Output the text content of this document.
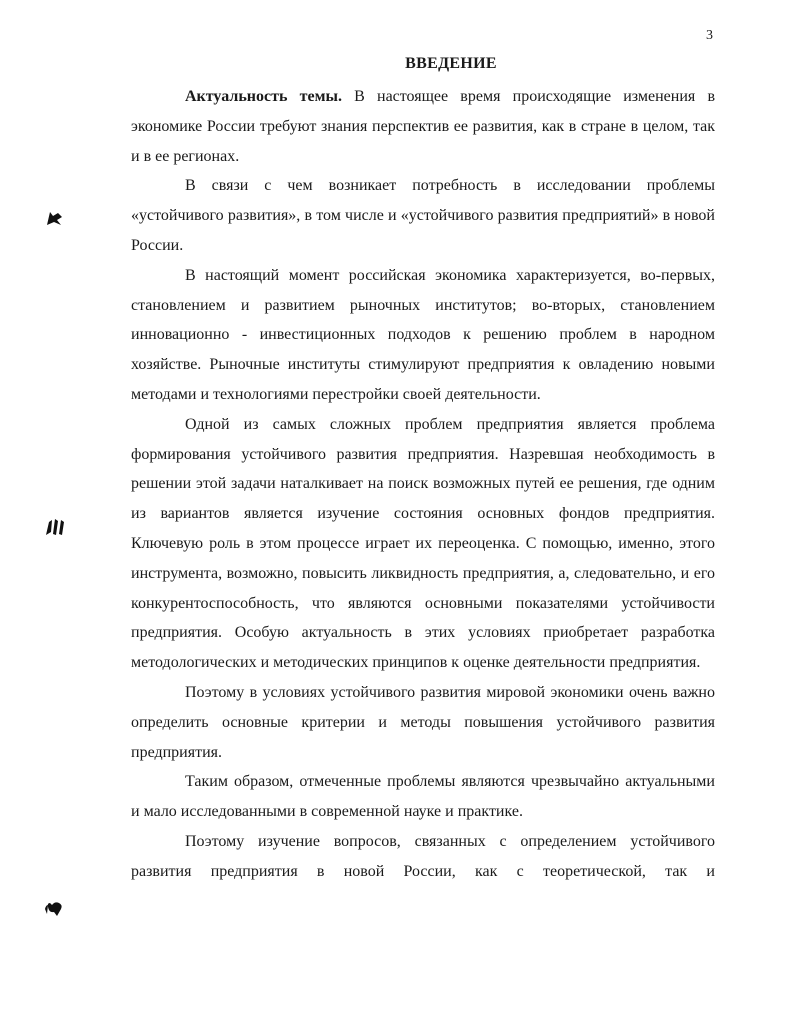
3
ВВЕДЕНИЕ

Актуальность темы. В настоящее время происходящие изменения в экономике России требуют знания перспектив ее развития, как в стране в целом, так и в ее регионах.

В связи с чем возникает потребность в исследовании проблемы «устойчивого развития», в том числе и «устойчивого развития предприятий» в новой России.

В настоящий момент российская экономика характеризуется, во-первых, становлением и развитием рыночных институтов; во-вторых, становлением инновационно - инвестиционных подходов к решению проблем в народном хозяйстве. Рыночные институты стимулируют предприятия к овладению новыми методами и технологиями перестройки своей деятельности.

Одной из самых сложных проблем предприятия является проблема формирования устойчивого развития предприятия. Назревшая необходимость в решении этой задачи наталкивает на поиск возможных путей ее решения, где одним из вариантов является изучение состояния основных фондов предприятия. Ключевую роль в этом процессе играет их переоценка. С помощью, именно, этого инструмента, возможно, повысить ликвидность предприятия, а, следовательно, и его конкурентоспособность, что являются основными показателями устойчивости предприятия. Особую актуальность в этих условиях приобретает разработка методологических и методических принципов к оценке деятельности предприятия.

Поэтому в условиях устойчивого развития мировой экономики очень важно определить основные критерии и методы повышения устойчивого развития предприятия.

Таким образом, отмеченные проблемы являются чрезвычайно актуальными и мало исследованными в современной науке и практике.

Поэтому изучение вопросов, связанных с определением устойчивого развития предприятия в новой России, как с теоретической, так и
